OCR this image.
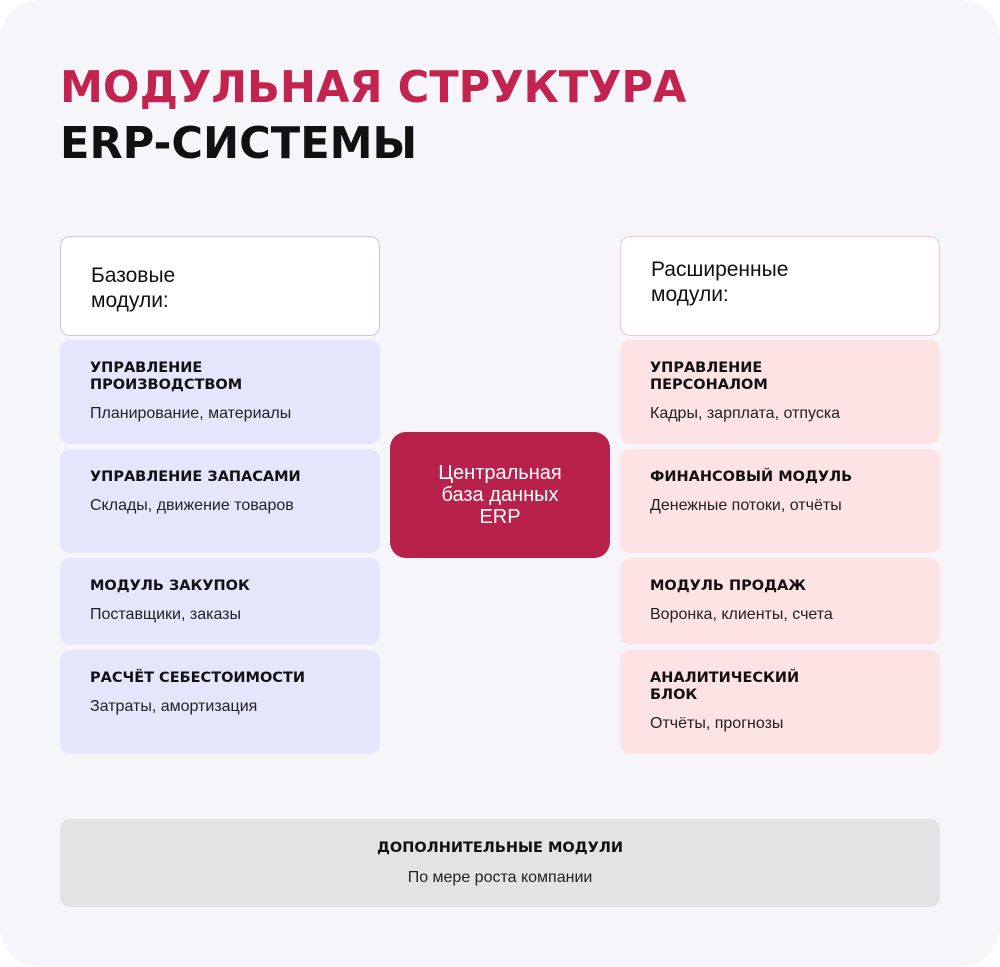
МОДУЛЬНАЯ СТРУКТУРА
ERP-СИСТЕМЫ
Базовые модули:
УПРАВЛЕНИЕ ПРОИЗВОДСТВОМ
Планирование, материалы
УПРАВЛЕНИЕ ЗАПАСАМИ
Склады, движение товаров
МОДУЛЬ ЗАКУПОК
Поставщики, заказы
РАСЧЁТ СЕБЕСТОИМОСТИ
Затраты, амортизация
Центральная база данных ERP
Расширенные модули:
УПРАВЛЕНИЕ ПЕРСОНАЛОМ
Кадры, зарплата, отпуска
ФИНАНСОВЫЙ МОДУЛЬ
Денежные потоки, отчёты
МОДУЛЬ ПРОДАЖ
Воронка, клиенты, счета
АНАЛИТИЧЕСКИЙ БЛОК
Отчёты, прогнозы
ДОПОЛНИТЕЛЬНЫЕ МОДУЛИ
По мере роста компании
